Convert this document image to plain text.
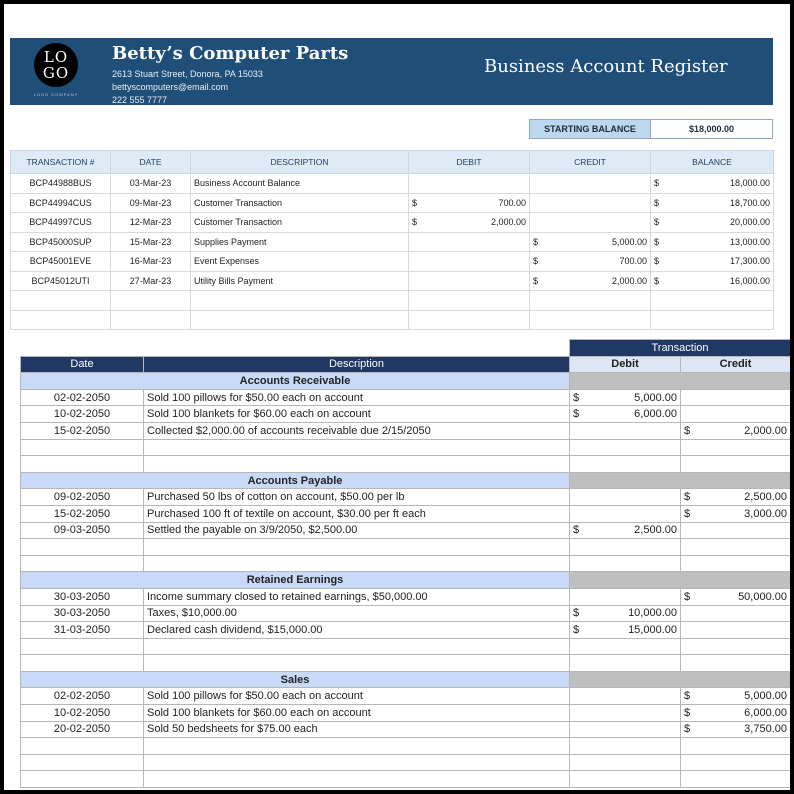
LO
GO
LOGO COMPANY
Betty’s Computer Parts
2613 Stuart Street, Donora, PA 15033
bettyscomputers@email.com
222 555 7777
Business Account Register
STARTING BALANCE	$18,000.00
TRANSACTION #	DATE	DESCRIPTION	DEBIT	CREDIT	BALANCE
BCP44988BUS	03-Mar-23	Business Account Balance			$ 18,000.00

BCP44994CUS	09-Mar-23	Customer Transaction	$ 700.00		$ 18,700.00

BCP44997CUS	12-Mar-23	Customer Transaction	$ 2,000.00		$ 20,000.00

BCP45000SUP	15-Mar-23	Supplies Payment		$ 5,000.00	$ 13,000.00

BCP45001EVE	16-Mar-23	Event Expenses		$ 700.00	$ 17,300.00

BCP45012UTI	27-Mar-23	Utility Bills Payment		$ 2,000.00	$ 16,000.00

		Transaction	
Date	Description	Debit	Credit
Accounts Receivable			
02-02-2050	Sold 100 pillows for $50.00 each on account	$ 5,000.00	

10-02-2050	Sold 100 blankets for $60.00 each on account	$ 6,000.00	

15-02-2050	Collected $2,000.00 of accounts receivable due 2/15/2050		$ 2,000.00

Accounts Payable			
09-02-2050	Purchased 50 lbs of cotton on account, $50.00 per lb		$ 2,500.00

15-02-2050	Purchased 100 ft of textile on account, $30.00 per ft each		$ 3,000.00

09-03-2050	Settled the payable on 3/9/2050, $2,500.00	$ 2,500.00	

Retained Earnings			
30-03-2050	Income summary closed to retained earnings, $50,000.00		$ 50,000.00

30-03-2050	Taxes, $10,000.00	$ 10,000.00	

31-03-2050	Declared cash dividend, $15,000.00	$ 15,000.00	

Sales			
02-02-2050	Sold 100 pillows for $50.00 each on account		$ 5,000.00

10-02-2050	Sold 100 blankets for $60.00 each on account		$ 6,000.00

20-02-2050	Sold 50 bedsheets for $75.00 each		$ 3,750.00
